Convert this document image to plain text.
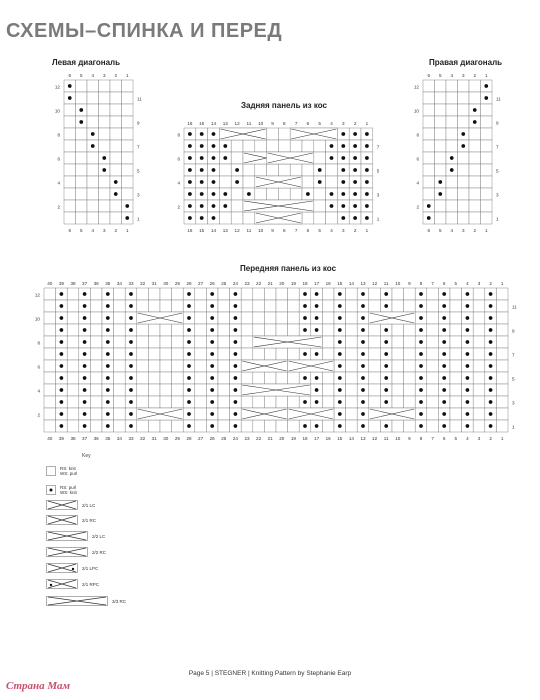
СХЕМЫ–СПИНКА И ПЕРЕД
Левая диагональ
Задняя панель из кос
Правая диагональ
Передняя панель из кос
6 5 4 3 2 1
6 5 4 3 2 1
12
10
8
6
4
2
11
9
7
5
3
1
16 15 14 13 12 11 10 9 8 7 6 5 4 3 2 1
16 15 14 13 12 11 10 9 8 7 6 5 4 3 2 1
8
6
4
2
7
5
3
1
6 5 4 3 2 1
6 5 4 3 2 1
12
10
8
6
4
2
11
9
7
5
3
1
40 39 38 37 36 35 34 33 32 31 30 29 28 27 26 25 24 23 22 21 20 19 18 17 16 15 14 13 12 11 10 9 8 7 6 5 4 3 2 1
40 39 38 37 36 35 34 33 32 31 30 29 28 27 26 25 24 23 22 21 20 19 18 17 16 15 14 13 12 11 10 9 8 7 6 5 4 3 2 1
12
10
8
6
4
2
11
9
7
5
3
1
Key
RS: knit
WS: purl
RS: purl
WS: knit
2/1 LC
2/1 RC
2/2 LC
2/2 RC
2/1 LPC
2/1 RPC
3/3 RC
Page 5 | STEGNER | Knitting Pattern by Stephanie Earp
Страна Мам
